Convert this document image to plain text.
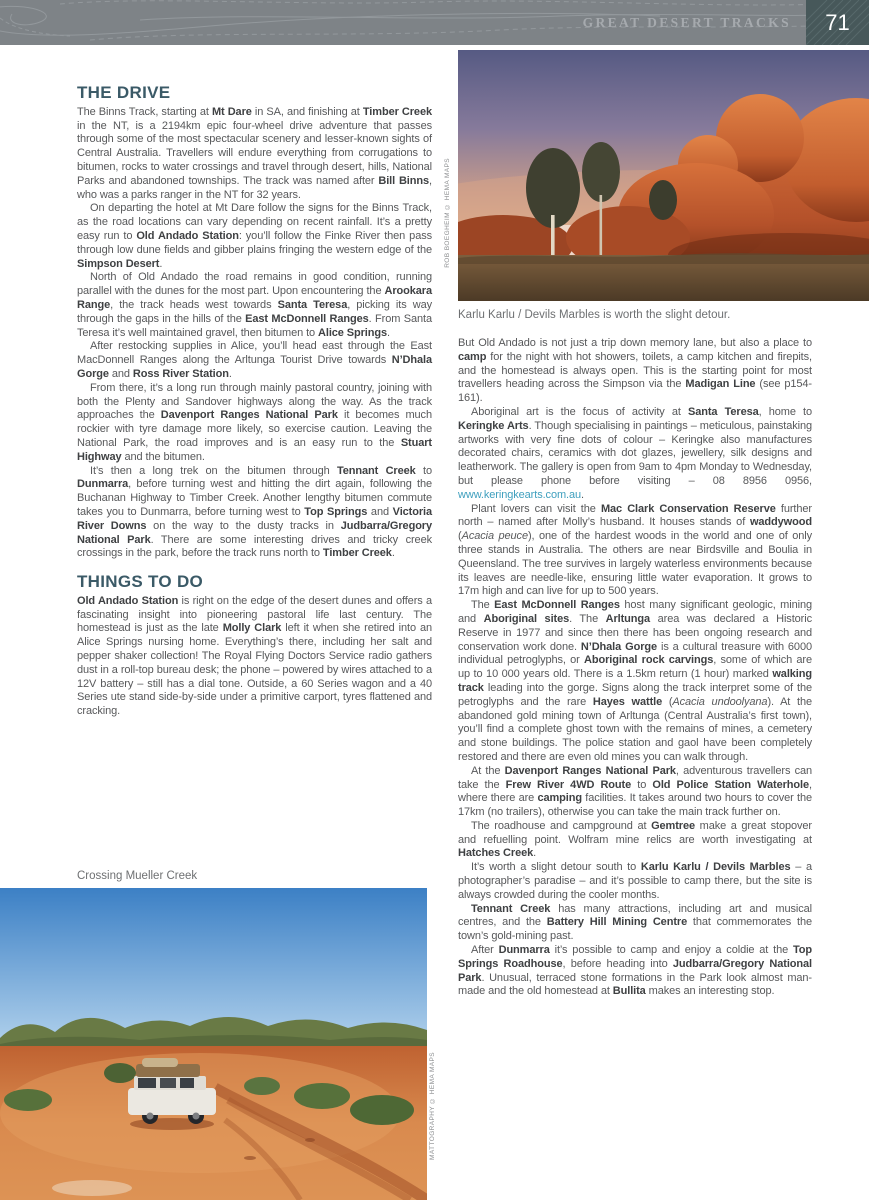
GREAT DESERT TRACKS	71
ROB BOEGHEIM © HEMA MAPS
Karlu Karlu / Devils Marbles is worth the slight detour.
THE DRIVE

The Binns Track, starting at Mt Dare in SA, and finishing at Timber Creek in the NT, is a 2194km epic four-wheel drive adventure that passes through some of the most spectacular scenery and lesser-known sights of Central Australia. Travellers will endure everything from corrugations to bitumen, rocks to water crossings and travel through desert, hills, National Parks and abandoned townships. The track was named after Bill Binns, who was a parks ranger in the NT for 32 years.

On departing the hotel at Mt Dare follow the signs for the Binns Track, as the road locations can vary depending on recent rainfall. It’s a pretty easy run to Old Andado Station: you’ll follow the Finke River then pass through low dune fields and gibber plains fringing the western edge of the Simpson Desert.

North of Old Andado the road remains in good condition, running parallel with the dunes for the most part. Upon encountering the Arookara Range, the track heads west towards Santa Teresa, picking its way through the gaps in the hills of the East McDonnell Ranges. From Santa Teresa it’s well maintained gravel, then bitumen to Alice Springs.

After restocking supplies in Alice, you’ll head east through the East MacDonnell Ranges along the Arltunga Tourist Drive towards N’Dhala Gorge and Ross River Station.

From there, it’s a long run through mainly pastoral country, joining with both the Plenty and Sandover highways along the way. As the track approaches the Davenport Ranges National Park it becomes much rockier with tyre damage more likely, so exercise caution. Leaving the National Park, the road improves and is an easy run to the Stuart Highway and the bitumen.

It’s then a long trek on the bitumen through Tennant Creek to Dunmarra, before turning west and hitting the dirt again, following the Buchanan Highway to Timber Creek. Another lengthy bitumen commute takes you to Dunmarra, before turning west to Top Springs and Victoria River Downs on the way to the dusty tracks in Judbarra/Gregory National Park. There are some interesting drives and tricky creek crossings in the park, before the track runs north to Timber Creek.

THINGS TO DO

Old Andado Station is right on the edge of the desert dunes and offers a fascinating insight into pioneering pastoral life last century. The homestead is just as the late Molly Clark left it when she retired into an Alice Springs nursing home. Everything’s there, including her salt and pepper shaker collection! The Royal Flying Doctors Service radio gathers dust in a roll-top bureau desk; the phone – powered by wires attached to a 12V battery – still has a dial tone. Outside, a 60 Series wagon and a 40 Series ute stand side-by-side under a primitive carport, tyres flattened and cracking.

Crossing Mueller Creek
MATTOGRAPHY © HEMA MAPS

But Old Andado is not just a trip down memory lane, but also a place to camp for the night with hot showers, toilets, a camp kitchen and firepits, and the homestead is always open. This is the starting point for most travellers heading across the Simpson via the Madigan Line (see p154-161).

Aboriginal art is the focus of activity at Santa Teresa, home to Keringke Arts. Though specialising in paintings – meticulous, painstaking artworks with very fine dots of colour – Keringke also manufactures decorated chairs, ceramics with dot glazes, jewellery, silk designs and leatherwork. The gallery is open from 9am to 4pm Monday to Wednesday, but please phone before visiting – 08 8956 0956, www.keringkearts.com.au.

Plant lovers can visit the Mac Clark Conservation Reserve further north – named after Molly’s husband. It houses stands of waddywood (Acacia peuce), one of the hardest woods in the world and one of only three stands in Australia. The others are near Birdsville and Boulia in Queensland. The tree survives in largely waterless environments because its leaves are needle-like, ensuring little water evaporation. It grows to 17m high and can live for up to 500 years.

The East McDonnell Ranges host many significant geologic, mining and Aboriginal sites. The Arltunga area was declared a Historic Reserve in 1977 and since then there has been ongoing research and conservation work done. N’Dhala Gorge is a cultural treasure with 6000 individual petroglyphs, or Aboriginal rock carvings, some of which are up to 10 000 years old. There is a 1.5km return (1 hour) marked walking track leading into the gorge. Signs along the track interpret some of the petroglyphs and the rare Hayes wattle (Acacia undoolyana). At the abandoned gold mining town of Arltunga (Central Australia’s first town), you’ll find a complete ghost town with the remains of mines, a cemetery and stone buildings. The police station and gaol have been completely restored and there are even old mines you can walk through.

At the Davenport Ranges National Park, adventurous travellers can take the Frew River 4WD Route to Old Police Station Waterhole, where there are camping facilities. It takes around two hours to cover the 17km (no trailers), otherwise you can take the main track further on.

The roadhouse and campground at Gemtree make a great stopover and refuelling point. Wolfram mine relics are worth investigating at Hatches Creek.

It’s worth a slight detour south to Karlu Karlu / Devils Marbles – a photographer’s paradise – and it’s possible to camp there, but the site is always crowded during the cooler months.

Tennant Creek has many attractions, including art and musical centres, and the Battery Hill Mining Centre that commemorates the town’s gold-mining past.

After Dunmarra it’s possible to camp and enjoy a coldie at the Top Springs Roadhouse, before heading into Judbarra/Gregory National Park. Unusual, terraced stone formations in the Park look almost man-made and the old homestead at Bullita makes an interesting stop.
